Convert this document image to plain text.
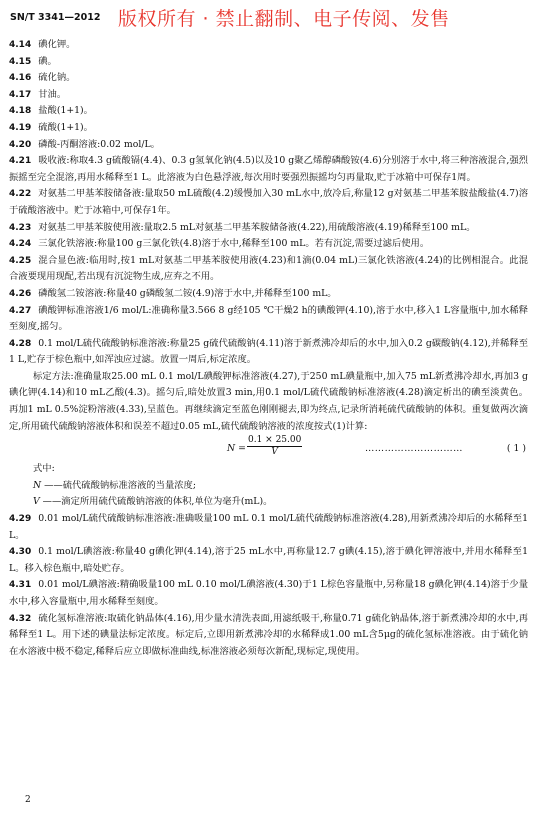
SN/T 3341—2012 版权所有 · 禁止翻制、电子传阅、发售

4.14 碘化钾。

4.15 碘。

4.16 硫化钠。

4.17 甘油。

4.18 盐酸(1+1)。

4.19 硫酸(1+1)。

4.20 磷酸-丙酮溶液:0.02 mol/L。

4.21 吸收液:称取4.3 g硫酸镉(4.4)、0.3 g氢氧化钠(4.5)以及10 g聚乙烯醇磷酸铵(4.6)分别溶于水中,将三种溶液混合,强烈振摇至完全混溶,再用水稀释至1 L。此溶液为白色悬浮液,每次用时要强烈振摇均匀再量取,贮于冰箱中可保存1周。

4.22 对氨基二甲基苯胺储备液:量取50 mL硫酸(4.2)缓慢加入30 mL水中,放冷后,称量12 g对氨基二甲基苯胺盐酸盐(4.7)溶于硫酸溶液中。贮于冰箱中,可保存1年。

4.23 对氨基二甲基苯胺使用液:量取2.5 mL对氨基二甲基苯胺储备液(4.22),用硫酸溶液(4.19)稀释至100 mL。

4.24 三氯化铁溶液:称量100 g三氯化铁(4.8)溶于水中,稀释至100 mL。若有沉淀,需要过滤后使用。

4.25 混合显色液:临用时,按1 mL对氨基二甲基苯胺使用液(4.23)和1滴(0.04 mL)三氯化铁溶液(4.24)的比例相混合。此混合液要现用现配,若出现有沉淀物生成,应弃之不用。

4.26 磷酸氢二铵溶液:称量40 g磷酸氢二铵(4.9)溶于水中,并稀释至100 mL。

4.27 碘酸钾标准溶液1/6 mol/L:准确称量3.566 8 g经105 ℃干燥2 h的碘酸钾(4.10),溶于水中,移入1 L容量瓶中,加水稀释至刻度,摇匀。

4.28 0.1 mol/L硫代硫酸钠标准溶液:称量25 g硫代硫酸钠(4.11)溶于新煮沸冷却后的水中,加入0.2 g碳酸钠(4.12),并稀释至1 L,贮存于棕色瓶中,如浑浊应过滤。放置一周后,标定浓度。

标定方法:准确量取25.00 mL 0.1 mol/L碘酸钾标准溶液(4.27),于250 mL碘量瓶中,加入75 mL新煮沸冷却水,再加3 g碘化钾(4.14)和10 mL乙酸(4.3)。摇匀后,暗处放置3 min,用0.1 mol/L硫代硫酸钠标准溶液(4.28)滴定析出的碘至淡黄色。再加1 mL 0.5%淀粉溶液(4.33),呈蓝色。再继续滴定至蓝色刚刚褪去,即为终点,记录所消耗硫代硫酸钠的体积。重复做两次滴定,所用硫代硫酸钠溶液体积和误差不超过0.05 mL,硫代硫酸钠溶液的浓度按式(1)计算:

$N = \frac{0.1 \times 25.00}{V}$	…………………………	( 1 )

式中:

N ——硫代硫酸钠标准溶液的当量浓度;

V ——滴定所用硫代硫酸钠溶液的体积,单位为毫升(mL)。

4.29 0.01 mol/L硫代硫酸钠标准溶液:准确吸量100 mL 0.1 mol/L硫代硫酸钠标准溶液(4.28),用新煮沸冷却后的水稀释至1 L。

4.30 0.1 mol/L碘溶液:称量40 g碘化钾(4.14),溶于25 mL水中,再称量12.7 g碘(4.15),溶于碘化钾溶液中,并用水稀释至1 L。移入棕色瓶中,暗处贮存。

4.31 0.01 mol/L碘溶液:精确吸量100 mL 0.10 mol/L碘溶液(4.30)于1 L棕色容量瓶中,另称量18 g碘化钾(4.14)溶于少量水中,移入容量瓶中,用水稀释至刻度。

4.32 硫化氢标准溶液:取硫化钠晶体(4.16),用少量水清洗表面,用滤纸吸干,称量0.71 g硫化钠晶体,溶于新煮沸冷却的水中,再稀释至1 L。用下述的碘量法标定浓度。标定后,立即用新煮沸冷却的水稀释成1.00 mL含5μg的硫化氢标准溶液。由于硫化钠在水溶液中极不稳定,稀释后应立即做标准曲线,标准溶液必须每次新配,现标定,现使用。

2
